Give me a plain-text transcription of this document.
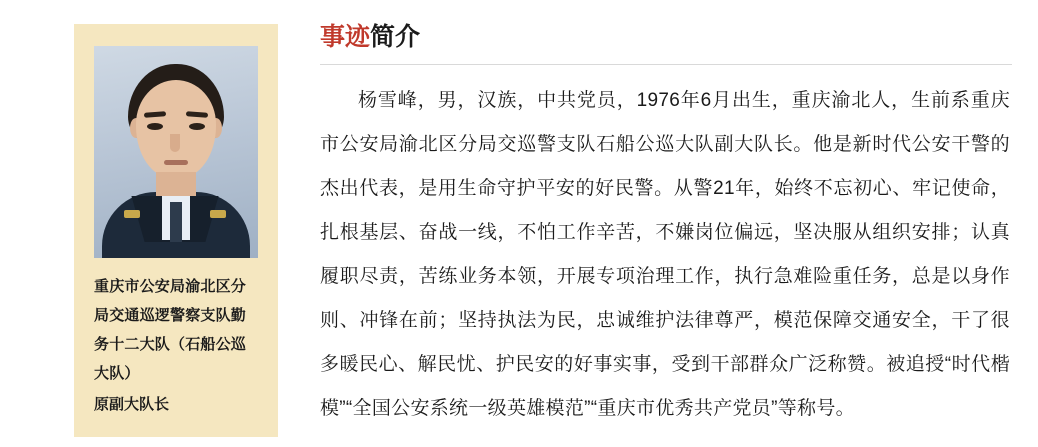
重庆市公安局渝北区分
局交通巡逻警察支队勤
务十二大队（石船公巡
大队）
原副大队长
事迹简介
杨雪峰，男，汉族，中共党员，1976年6月出生，重庆渝北人，生前系重庆市公安局渝北区分局交巡警支队石船公巡大队副大队长。他是新时代公安干警的杰出代表，是用生命守护平安的好民警。从警21年，始终不忘初心、牢记使命，扎根基层、奋战一线，不怕工作辛苦，不嫌岗位偏远，坚决服从组织安排；认真履职尽责，苦练业务本领，开展专项治理工作，执行急难险重任务，总是以身作则、冲锋在前；坚持执法为民，忠诚维护法律尊严，模范保障交通安全，干了很多暖民心、解民忧、护民安的好事实事，受到干部群众广泛称赞。被追授“时代楷模”“全国公安系统一级英雄模范”“重庆市优秀共产党员”等称号。
